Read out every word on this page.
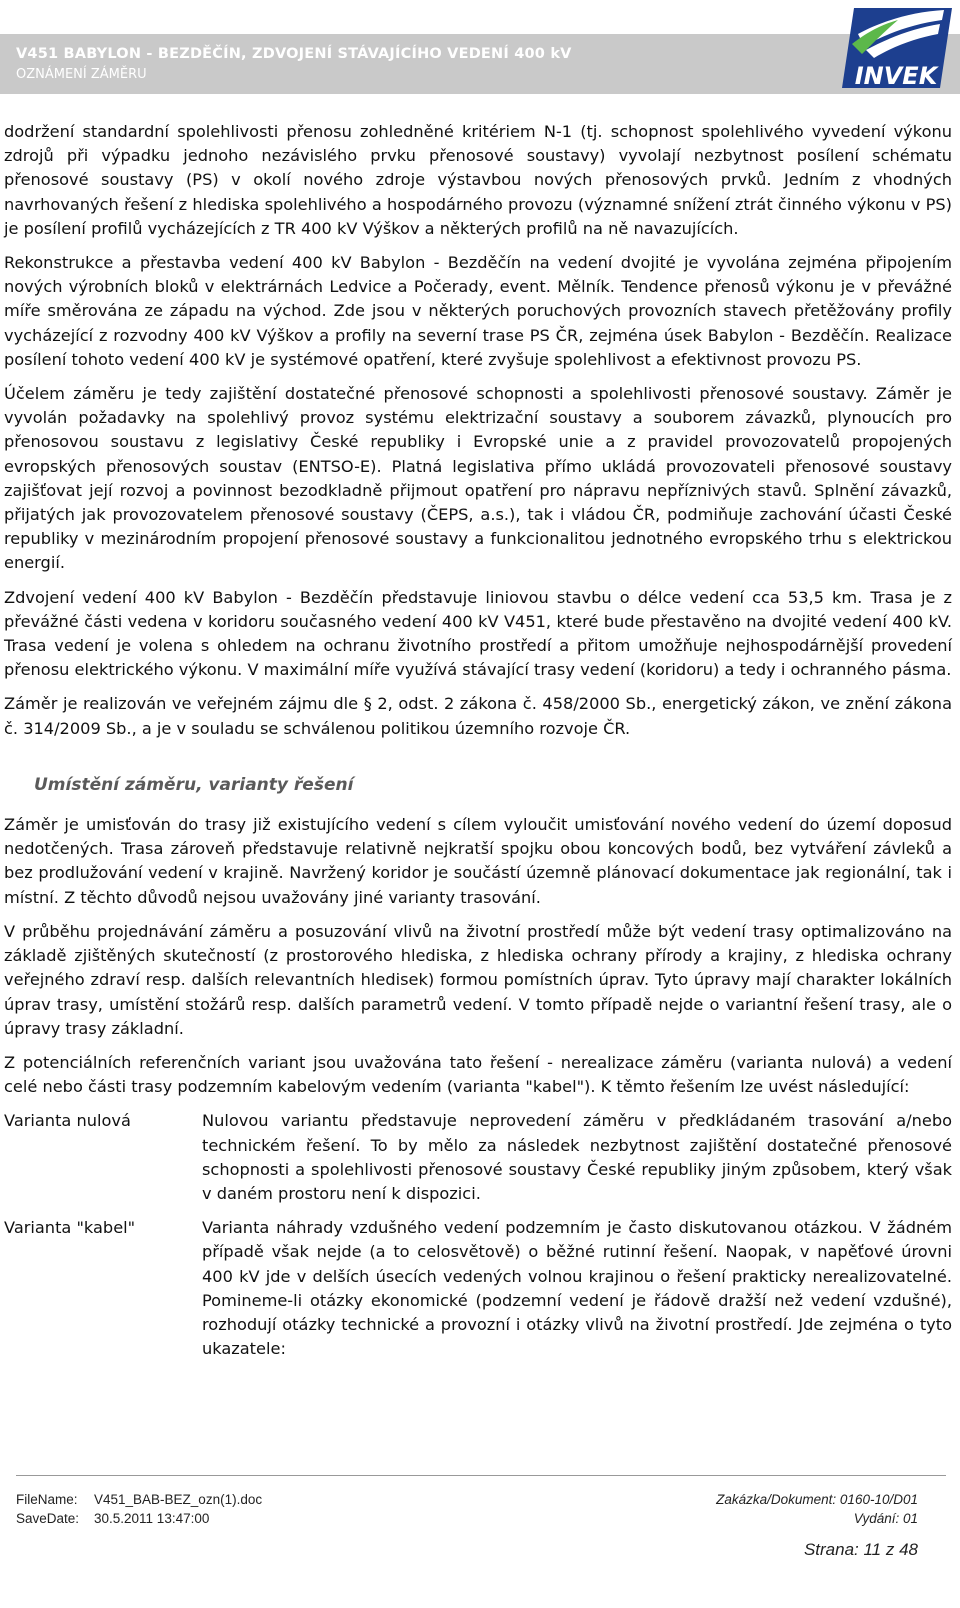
V451 BABYLON - BEZDĚČÍN, ZDVOJENÍ STÁVAJÍCÍHO VEDENÍ 400 kV
OZNÁMENÍ ZÁMĚRU	INVEK

dodržení standardní spolehlivosti přenosu zohledněné kritériem N-1 (tj. schopnost spolehlivého vyvedení výkonu zdrojů při výpadku jednoho nezávislého prvku přenosové soustavy) vyvolají nezbytnost posílení schématu přenosové soustavy (PS) v okolí nového zdroje výstavbou nových přenosových prvků. Jedním z vhodných navrhovaných řešení z hlediska spolehlivého a hospodárného provozu (významné snížení ztrát činného výkonu v PS) je posílení profilů vycházejících z TR 400 kV Výškov a některých profilů na ně navazujících.

Rekonstrukce a přestavba vedení 400 kV Babylon - Bezděčín na vedení dvojité je vyvolána zejména připojením nových výrobních bloků v elektrárnách Ledvice a Počerady, event. Mělník. Tendence přenosů výkonu je v převážné míře směrována ze západu na východ. Zde jsou v některých poruchových provozních stavech přetěžovány profily vycházející z rozvodny 400 kV Výškov a profily na severní trase PS ČR, zejména úsek Babylon - Bezděčín. Realizace posílení tohoto vedení 400 kV je systémové opatření, které zvyšuje spolehlivost a efektivnost provozu PS.

Účelem záměru je tedy zajištění dostatečné přenosové schopnosti a spolehlivosti přenosové soustavy. Záměr je vyvolán požadavky na spolehlivý provoz systému elektrizační soustavy a souborem závazků, plynoucích pro přenosovou soustavu z legislativy České republiky i Evropské unie a z pravidel provozovatelů propojených evropských přenosových soustav (ENTSO-E). Platná legislativa přímo ukládá provozovateli přenosové soustavy zajišťovat její rozvoj a povinnost bezodkladně přijmout opatření pro nápravu nepříznivých stavů. Splnění závazků, přijatých jak provozovatelem přenosové soustavy (ČEPS, a.s.), tak i vládou ČR, podmiňuje zachování účasti České republiky v mezinárodním propojení přenosové soustavy a funkcionalitou jednotného evropského trhu s elektrickou energií.

Zdvojení vedení 400 kV Babylon - Bezděčín představuje liniovou stavbu o délce vedení cca 53,5 km. Trasa je z převážné části vedena v koridoru současného vedení 400 kV V451, které bude přestavěno na dvojité vedení 400 kV. Trasa vedení je volena s ohledem na ochranu životního prostředí a přitom umožňuje nejhospodárnější provedení přenosu elektrického výkonu. V maximální míře využívá stávající trasy vedení (koridoru) a tedy i ochranného pásma.

Záměr je realizován ve veřejném zájmu dle § 2, odst. 2 zákona č. 458/2000 Sb., energetický zákon, ve znění zákona č. 314/2009 Sb., a je v souladu se schválenou politikou územního rozvoje ČR.

Umístění záměru, varianty řešení

Záměr je umisťován do trasy již existujícího vedení s cílem vyloučit umisťování nového vedení do území doposud nedotčených. Trasa zároveň představuje relativně nejkratší spojku obou koncových bodů, bez vytváření závleků a bez prodlužování vedení v krajině. Navržený koridor je součástí územně plánovací dokumentace jak regionální, tak i místní. Z těchto důvodů nejsou uvažovány jiné varianty trasování.

V průběhu projednávání záměru a posuzování vlivů na životní prostředí může být vedení trasy optimalizováno na základě zjištěných skutečností (z prostorového hlediska, z hlediska ochrany přírody a krajiny, z hlediska ochrany veřejného zdraví resp. dalších relevantních hledisek) formou pomístních úprav. Tyto úpravy mají charakter lokálních úprav trasy, umístění stožárů resp. dalších parametrů vedení. V tomto případě nejde o variantní řešení trasy, ale o úpravy trasy základní.

Z potenciálních referenčních variant jsou uvažována tato řešení - nerealizace záměru (varianta nulová) a vedení celé nebo části trasy podzemním kabelovým vedením (varianta "kabel"). K těmto řešením lze uvést následující:

Varianta nulová	Nulovou variantu představuje neprovedení záměru v předkládaném trasování a/nebo technickém řešení. To by mělo za následek nezbytnost zajištění dostatečné přenosové schopnosti a spolehlivosti přenosové soustavy České republiky jiným způsobem, který však v daném prostoru není k dispozici.
Varianta "kabel"	Varianta náhrady vzdušného vedení podzemním je často diskutovanou otázkou. V žádném případě však nejde (a to celosvětově) o běžné rutinní řešení. Naopak, v napěťové úrovni 400 kV jde v delších úsecích vedených volnou krajinou o řešení prakticky nerealizovatelné. Pomineme-li otázky ekonomické (podzemní vedení je řádově dražší než vedení vzdušné), rozhodují otázky technické a provozní i otázky vlivů na životní prostředí. Jde zejména o tyto ukazatele:
FileName: V451_BAB-BEZ_ozn(1).doc
SaveDate: 30.5.2011 13:47:00
Zakázka/Dokument: 0160-10/D01
Vydání: 01
Strana: 11 z 48
